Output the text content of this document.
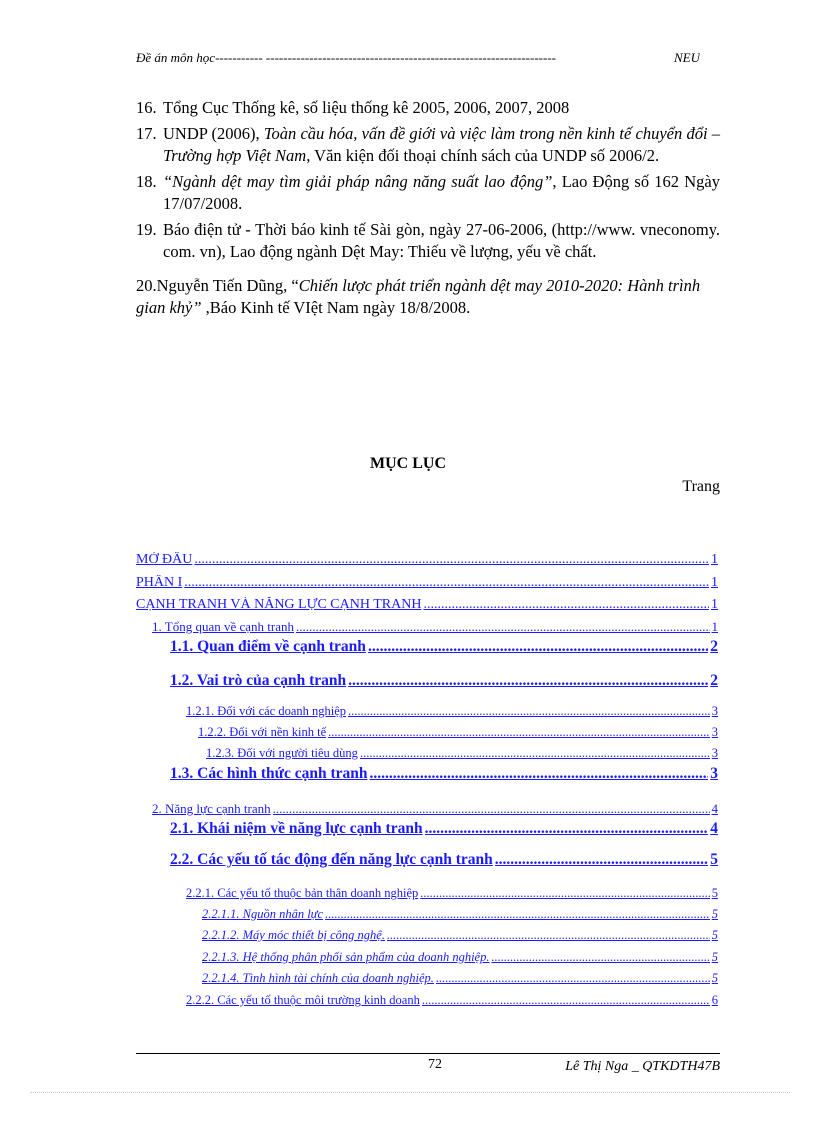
Đề án môn học----------- -------------------------------------------------------------------	NEU
16. Tổng Cục Thống kê, số liệu thống kê 2005, 2006, 2007, 2008
17. UNDP (2006), Toàn cầu hóa, vấn đề giới và việc làm trong nền kinh tế chuyển đổi – Trường hợp Việt Nam, Văn kiện đối thoại chính sách của UNDP số 2006/2.
18. “Ngành dệt may tìm giải pháp nâng năng suất lao động”, Lao Động số 162 Ngày 17/07/2008.
19. Báo điện tử - Thời báo kinh tế Sài gòn, ngày 27-06-2006, (http://www. vneconomy. com. vn), Lao động ngành Dệt May: Thiếu về lượng, yếu về chất.
20.Nguyễn Tiến Dũng, “Chiến lược phát triển ngành dệt may 2010-2020: Hành trình gian khỷ” ,Báo Kinh tế VIệt Nam ngày 18/8/2008.
MỤC LỤC
Trang
MỞ ĐẦU .....	1
PHẦN I .....	1
CẠNH TRANH VÀ NĂNG LỰC CẠNH TRANH .....	1
1. Tổng quan về cạnh tranh .....	1
1.1. Quan điểm về cạnh tranh .....	2
1.2. Vai trò của cạnh tranh .....	2
1.2.1. Đối với các doanh nghiệp .....	3
1.2.2. Đối với nền kinh tế .....	3
1.2.3. Đối với người tiêu dùng .....	3
1.3. Các hình thức cạnh tranh .....	3
2. Năng lực cạnh tranh .....	4
2.1. Khái niệm về năng lực cạnh tranh .....	4
2.2. Các yếu tố tác động đến năng lực cạnh tranh .....	5
2.2.1. Các yếu tố thuộc bản thân doanh nghiệp .....	5
2.2.1.1. Nguồn nhân lực .....	5
2.2.1.2. Máy móc thiết bị công nghệ. .....	5
2.2.1.3. Hệ thống phân phối sản phẩm của doanh nghiệp. .....	5
2.2.1.4. Tình hình tài chính của doanh nghiệp. .....	5
2.2.2. Các yếu tố thuộc môi trường kinh doanh .....	6
72	Lê Thị Nga _ QTKDTH47B
